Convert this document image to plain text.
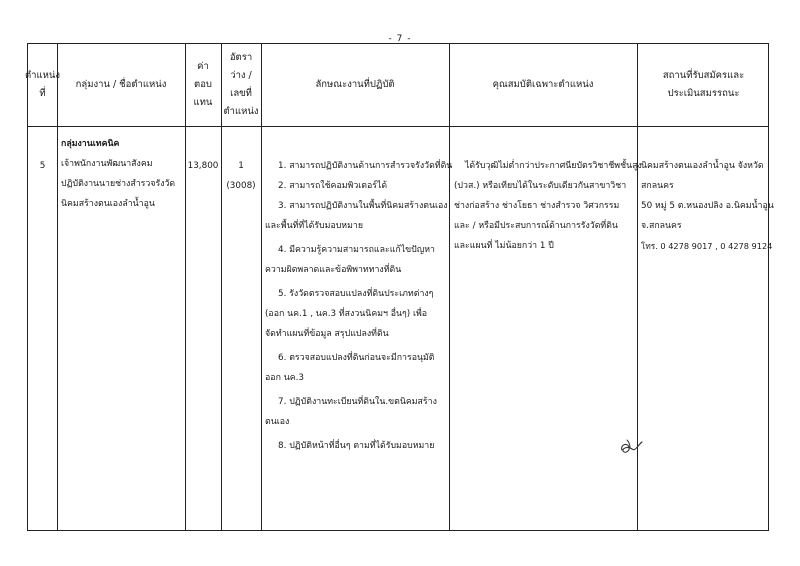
- 7 -
ตำแหน่ง
ที่
กลุ่มงาน / ชื่อตำแหน่ง
ค่า
ตอบ
แทน
อัตรา
ว่าง /
เลขที่
ตำแหน่ง
ลักษณะงานที่ปฏิบัติ	คุณสมบัติเฉพาะตำแหน่ง
สถานที่รับสมัครและ
ประเมินสมรรถนะ
5
กลุ่มงานเทคนิค
เจ้าพนักงานพัฒนาสังคม
ปฏิบัติงานนายช่างสำรวจรังวัด
นิคมสร้างตนเองลำน้ำอูน
13,800	1
(3008)
1. สามารถปฏิบัติงานด้านการสำรวจรังวัดที่ดิน
2. สามารถใช้คอมพิวเตอร์ได้
3. สามารถปฏิบัติงานในพื้นที่นิคมสร้างตนเอง
และพื้นที่ที่ได้รับมอบหมาย
4. มีความรู้ความสามารถและแก้ไขปัญหา
ความผิดพลาดและข้อพิพาททางที่ดิน
5. รังวัดตรวจสอบแปลงที่ดินประเภทต่างๆ
(ออก นค.1 , นค.3 ที่สงวนนิคมฯ อื่นๆ) เพื่อ
จัดทำแผนที่ข้อมูล สรุปแปลงที่ดิน
6. ตรวจสอบแปลงที่ดินก่อนจะมีการอนุมัติ
ออก นค.3
7. ปฏิบัติงานทะเบียนที่ดินใน.ขตนิคมสร้าง
ตนเอง
8. ปฏิบัติหน้าที่อื่นๆ ตามที่ได้รับมอบหมาย
ได้รับวุฒิไม่ต่ำกว่าประกาศนียบัตรวิชาชีพชั้นสูง
(ปวส.) หรือเทียบได้ในระดับเดียวกันสาขาวิชา
ช่างก่อสร้าง ช่างโยธา ช่างสำรวจ วิศวกรรม
และ / หรือมีประสบการณ์ด้านการรังวัดที่ดิน
และแผนที่ ไม่น้อยกว่า 1 ปี
นิคมสร้างตนเองลำน้ำอูน จังหวัด
สกลนคร
50 หมู่ 5 ต.หนองปลิง อ.นิคมน้ำอูน
จ.สกลนคร
โทร. 0 4278 9017 , 0 4278 9124
